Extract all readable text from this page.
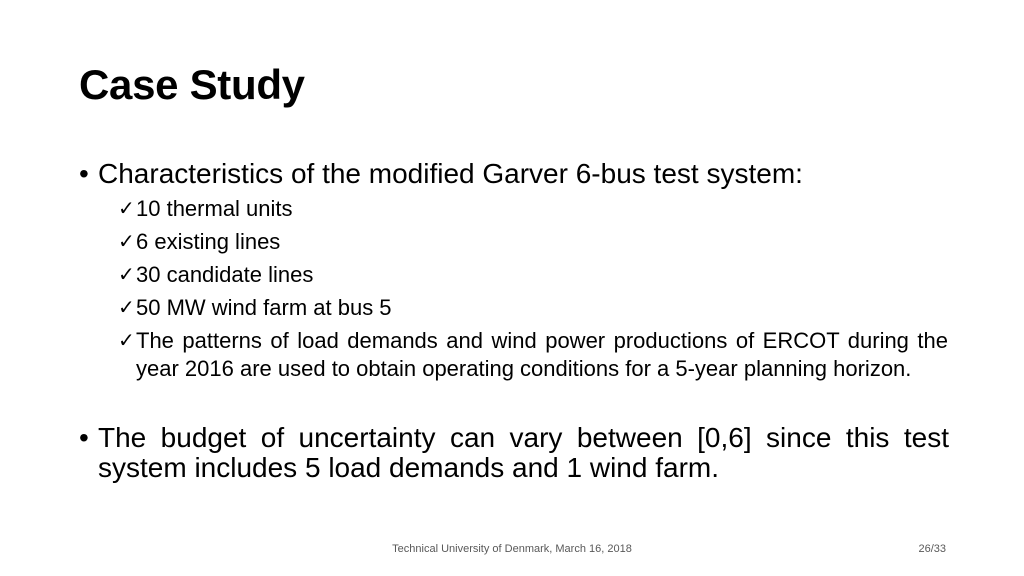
Case Study
• Characteristics of the modified Garver 6-bus test system:
✓ 10 thermal units
✓ 6 existing lines
✓ 30 candidate lines
✓ 50 MW wind farm at bus 5
✓ The patterns of load demands and wind power productions of ERCOT during the year 2016 are used to obtain operating conditions for a 5-year planning horizon.
• The budget of uncertainty can vary between [0,6] since this test system includes 5 load demands and 1 wind farm.
Technical University of Denmark, March 16, 2018	26/33
